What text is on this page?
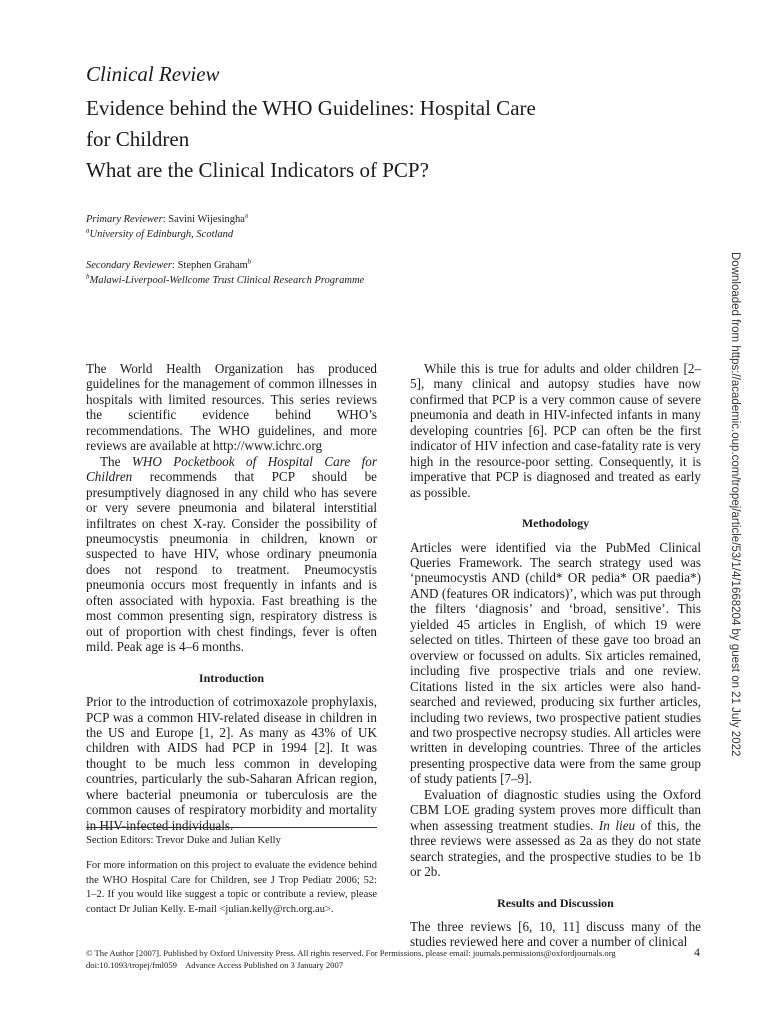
Clinical Review
Evidence behind the WHO Guidelines: Hospital Care
for Children
What are the Clinical Indicators of PCP?
Primary Reviewer: Savini Wijesingha$^a$
$^a$University of Edinburgh, Scotland
Secondary Reviewer: Stephen Graham$^b$
$^b$Malawi-Liverpool-Wellcome Trust Clinical Research Programme

The World Health Organization has produced guidelines for the management of common illnesses in hospitals with limited resources. This series reviews the scientific evidence behind WHO’s recommendations. The WHO guidelines, and more reviews are available at http://www.ichrc.org

The WHO Pocketbook of Hospital Care for Children recommends that PCP should be presumptively diagnosed in any child who has severe or very severe pneumonia and bilateral interstitial infiltrates on chest X-ray. Consider the possibility of pneumocystis pneumonia in children, known or suspected to have HIV, whose ordinary pneumonia does not respond to treatment. Pneumocystis pneumonia occurs most frequently in infants and is often associated with hypoxia. Fast breathing is the most common presenting sign, respiratory distress is out of proportion with chest findings, fever is often mild. Peak age is 4–6 months.

Introduction

Prior to the introduction of cotrimoxazole prophylaxis, PCP was a common HIV-related disease in children in the US and Europe [1, 2]. As many as 43% of UK children with AIDS had PCP in 1994 [2]. It was thought to be much less common in developing countries, particularly the sub-Saharan African region, where bacterial pneumonia or tuberculosis are the common causes of respiratory morbidity and mortality in HIV-infected individuals.

Section Editors: Trevor Duke and Julian Kelly
For more information on this project to evaluate the evidence behind the WHO Hospital Care for Children, see J Trop Pediatr 2006; 52: 1–2. If you would like suggest a topic or contribute a review, please contact Dr Julian Kelly. E-mail <julian.kelly@rch.org.au>.

While this is true for adults and older children [2–5], many clinical and autopsy studies have now confirmed that PCP is a very common cause of severe pneumonia and death in HIV-infected infants in many developing countries [6]. PCP can often be the first indicator of HIV infection and case-fatality rate is very high in the resource-poor setting. Consequently, it is imperative that PCP is diagnosed and treated as early as possible.

Methodology

Articles were identified via the PubMed Clinical Queries Framework. The search strategy used was ‘pneumocystis AND (child* OR pedia* OR paedia*) AND (features OR indicators)’, which was put through the filters ‘diagnosis’ and ‘broad, sensitive’. This yielded 45 articles in English, of which 19 were selected on titles. Thirteen of these gave too broad an overview or focussed on adults. Six articles remained, including five prospective trials and one review. Citations listed in the six articles were also hand-searched and reviewed, producing six further articles, including two reviews, two prospective patient studies and two prospective necropsy studies. All articles were written in developing countries. Three of the articles presenting prospective data were from the same group of study patients [7–9].

Evaluation of diagnostic studies using the Oxford CBM LOE grading system proves more difficult than when assessing treatment studies. In lieu of this, the three reviews were assessed as 2a as they do not state search strategies, and the prospective studies to be 1b or 2b.

Results and Discussion

The three reviews [6, 10, 11] discuss many of the studies reviewed here and cover a number of clinical

© The Author [2007]. Published by Oxford University Press. All rights reserved. For Permissions, please email: journals.permissions@oxfordjournals.org
doi:10.1093/tropej/fml059    Advance Access Published on 3 January 2007
4
Downloaded from https://academic.oup.com/tropej/article/53/1/4/1668204 by guest on 21 July 2022
